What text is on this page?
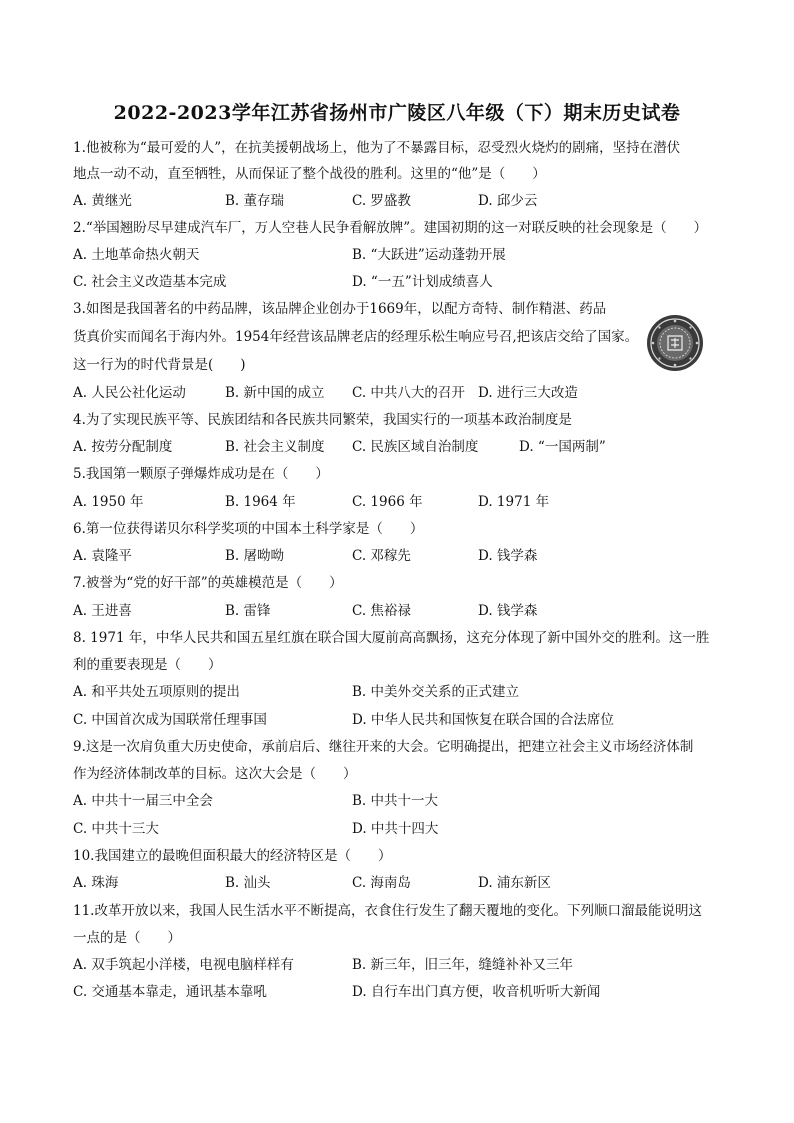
2022-2023学年江苏省扬州市广陵区八年级（下）期末历史试卷
1.他被称为“最可爱的人”，在抗美援朝战场上，他为了不暴露目标，忍受烈火烧灼的剧痛，坚持在潜伏
地点一动不动，直至牺牲，从而保证了整个战役的胜利。这里的“他”是（　　）
A. 黄继光	B. 董存瑞	C. 罗盛教	D. 邱少云
2.“举国翘盼尽早建成汽车厂，万人空巷人民争看解放牌”。建国初期的这一对联反映的社会现象是（　　）
A. 土地革命热火朝天	B. “大跃进”运动蓬勃开展
C. 社会主义改造基本完成	D. “一五”计划成绩喜人
3.如图是我国著名的中药品牌，该品牌企业创办于1669年，以配方奇特、制作精湛、药品
货真价实而闻名于海内外。1954年经营该品牌老店的经理乐松生响应号召,把该店交给了国家。
这一行为的时代背景是(　　)
A. 人民公社化运动	B. 新中国的成立 C. 中共八大的召开 D. 进行三大改造
4.为了实现民族平等、民族团结和各民族共同繁荣，我国实行的一项基本政治制度是
A. 按劳分配制度	B. 社会主义制度 C. 民族区域自治制度	D. “一国两制”
5.我国第一颗原子弹爆炸成功是在（　　）
A. 1950 年	B. 1964 年	C. 1966 年	D. 1971 年
6.第一位获得诺贝尔科学奖项的中国本土科学家是（　　）
A. 袁隆平	B. 屠呦呦	C. 邓稼先	D. 钱学森
7.被誉为“党的好干部”的英雄模范是（　　）
A. 王进喜	B. 雷锋	C. 焦裕禄	D. 钱学森
8. 1971 年，中华人民共和国五星红旗在联合国大厦前高高飘扬，这充分体现了新中国外交的胜利。这一胜
利的重要表现是（　　）
A. 和平共处五项原则的提出	B. 中美外交关系的正式建立
C. 中国首次成为国联常任理事国	D. 中华人民共和国恢复在联合国的合法席位
9.这是一次肩负重大历史使命，承前启后、继往开来的大会。它明确提出，把建立社会主义市场经济体制
作为经济体制改革的目标。这次大会是（　　）
A. 中共十一届三中全会	B. 中共十一大
C. 中共十三大	D. 中共十四大
10.我国建立的最晚但面积最大的经济特区是（　　）
A. 珠海	B. 汕头	C. 海南岛	D. 浦东新区
11.改革开放以来，我国人民生活水平不断提高，衣食住行发生了翻天覆地的变化。下列顺口溜最能说明这
一点的是（　　）
A. 双手筑起小洋楼，电视电脑样样有	B. 新三年，旧三年，缝缝补补又三年
C. 交通基本靠走，通讯基本靠吼	D. 自行车出门真方便，收音机听听大新闻
